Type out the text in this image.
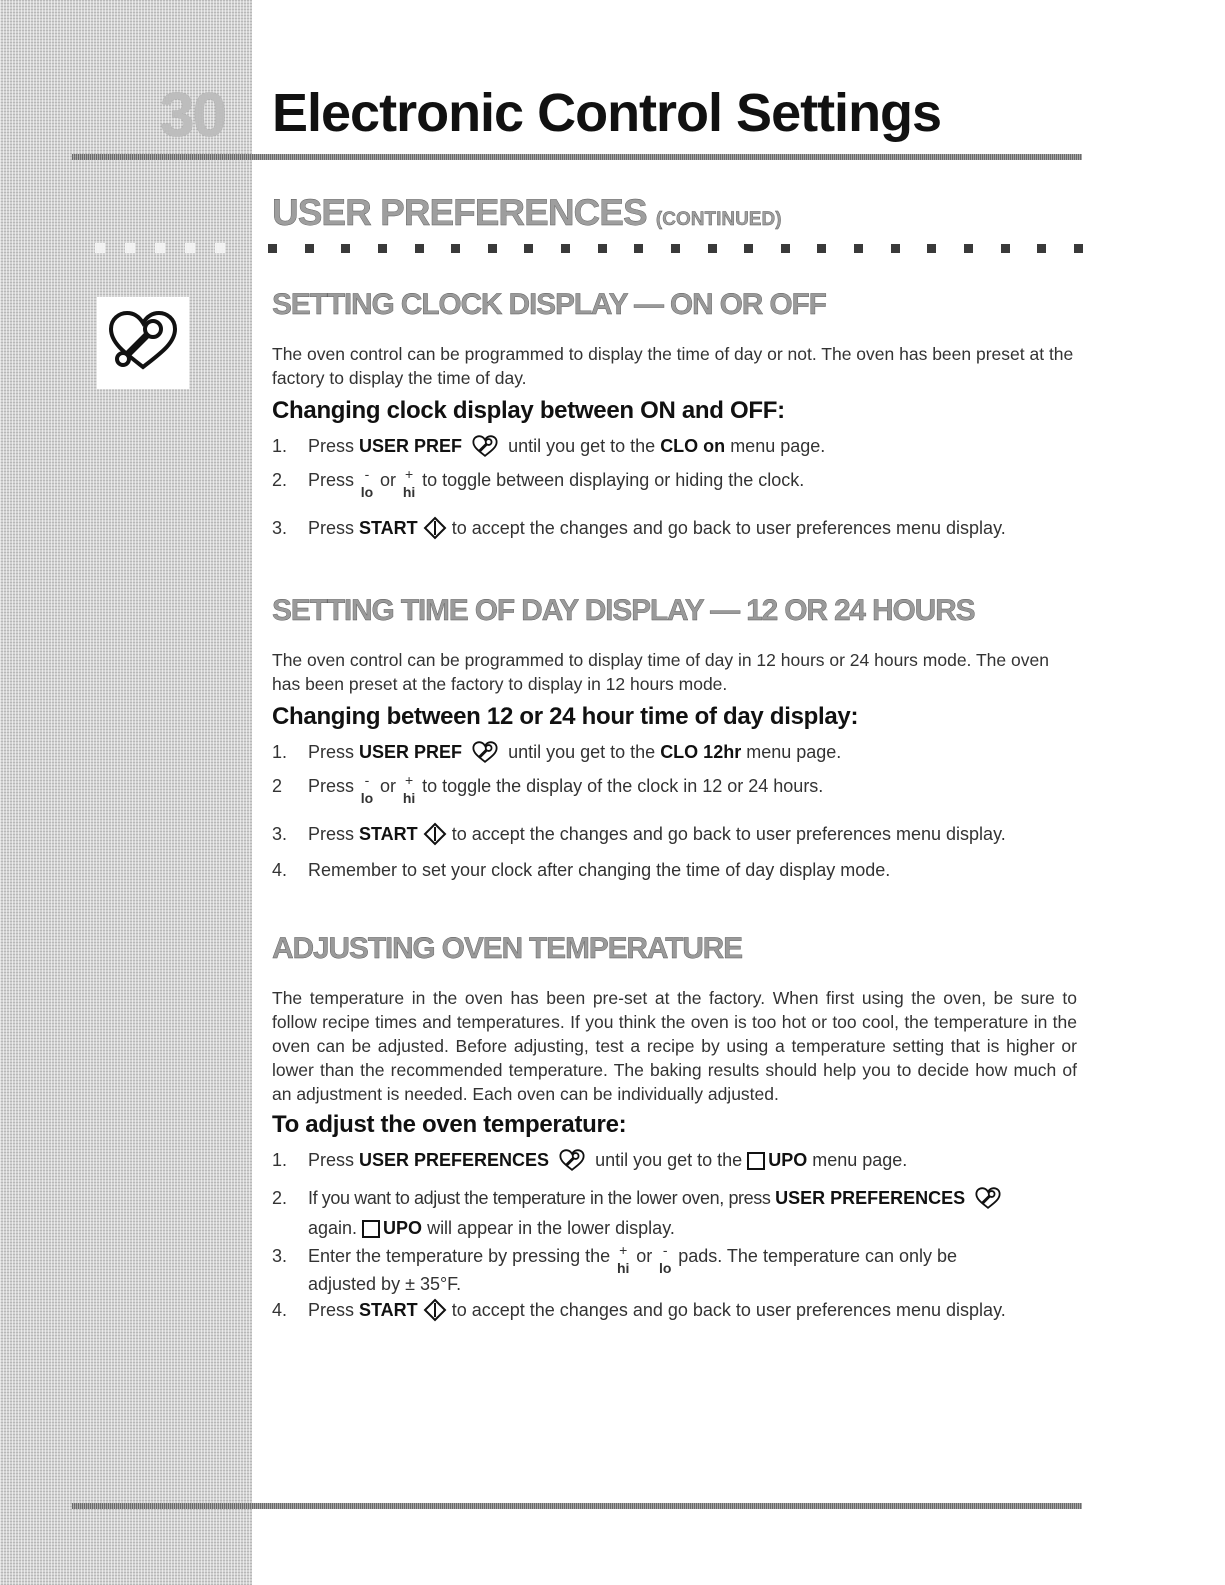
30 Electronic Control Settings
USER PREFERENCES (CONTINUED)
SETTING CLOCK DISPLAY — ON OR OFF

The oven control can be programmed to display the time of day or not. The oven has been preset at the factory to display the time of day.

Changing clock display between ON and OFF:
1. Press USER PREF	until you get to the CLO on menu page.
2. Press -
lo
or +
hi
to toggle between displaying or hiding the clock.
3. Press START  to accept the changes and go back to user preferences menu display.
SETTING TIME OF DAY DISPLAY — 12 OR 24 HOURS

The oven control can be programmed to display time of day in 12 hours or 24 hours mode. The oven has been preset at the factory to display in 12 hours mode.

Changing between 12 or 24 hour time of day display:
1. Press USER PREF	until you get to the CLO 12hr menu page.
2 Press -
lo
or +
hi
to toggle the display of the clock in 12 or 24 hours.
3. Press START  to accept the changes and go back to user preferences menu display.
4. Remember to set your clock after changing the time of day display mode.
ADJUSTING OVEN TEMPERATURE

The temperature in the oven has been pre-set at the factory. When first using the oven, be sure to follow recipe times and temperatures. If you think the oven is too hot or too cool, the temperature in the oven can be adjusted. Before adjusting, test a recipe by using a temperature setting that is higher or lower than the recommended temperature. The baking results should help you to decide how much of an adjustment is needed. Each oven can be individually adjusted.

To adjust the oven temperature:
1. Press USER PREFERENCES	until you get to the UPO menu page.
2. If you want to adjust the temperature in the lower oven, press USER PREFERENCES
again. UPO will appear in the lower display.
3. Enter the temperature by pressing the +
hi
or -
lo
pads. The temperature can only be
adjusted by ± 35°F.
4. Press START  to accept the changes and go back to user preferences menu display.
